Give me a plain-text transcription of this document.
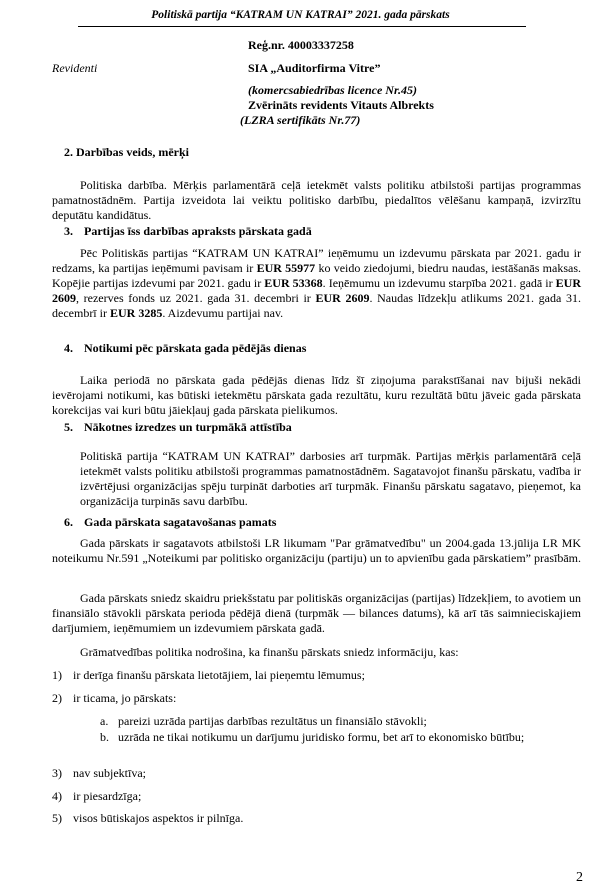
Politiskā partija “KATRAM UN KATRAI” 2021. gada pārskats
Reģ.nr. 40003337258
Revidenti	SIA „Auditorfirma Vitre”
(komercsabiedrības licence Nr.45)
Zvērināts revidents Vitauts Albrekts
(LZRA sertifikāts Nr.77)
2. Darbības veids, mērķi
Politiska darbība. Mērķis parlamentārā ceļā ietekmēt valsts politiku atbilstoši partijas programmas pamatnostādnēm. Partija izveidota lai veiktu politisko darbību, piedalītos vēlēšanu kampaņā, izvirzītu deputātu kandidātus.
3. Partijas īss darbības apraksts pārskata gadā
Pēc Politiskās partijas “KATRAM UN KATRAI” ieņēmumu un izdevumu pārskata par 2021. gadu ir redzams, ka partijas ieņēmumi pavisam ir EUR 55977 ko veido ziedojumi, biedru naudas, iestāšanās maksas. Kopējie partijas izdevumi par 2021. gadu ir EUR 53368. Ieņēmumu un izdevumu starpība 2021. gadā ir EUR 2609, rezerves fonds uz 2021. gada 31. decembri ir EUR 2609. Naudas līdzekļu atlikums 2021. gada 31. decembrī ir EUR 3285. Aizdevumu partijai nav.
4. Notikumi pēc pārskata gada pēdējās dienas
Laika periodā no pārskata gada pēdējās dienas līdz šī ziņojuma parakstīšanai nav bijuši nekādi ievērojami notikumi, kas būtiski ietekmētu pārskata gada rezultātu, kuru rezultātā būtu jāveic gada pārskata korekcijas vai kuri būtu jāiekļauj gada pārskata pielikumos.
5. Nākotnes izredzes un turpmākā attīstība
Politiskā partija “KATRAM UN KATRAI” darbosies arī turpmāk. Partijas mērķis parlamentārā ceļā ietekmēt valsts politiku atbilstoši programmas pamatnostādnēm. Sagatavojot finanšu pārskatu, vadība ir izvērtējusi organizācijas spēju turpināt darboties arī turpmāk. Finanšu pārskatu sagatavo, pieņemot, ka organizācija turpinās savu darbību.
6. Gada pārskata sagatavošanas pamats
Gada pārskats ir sagatavots atbilstoši LR likumam "Par grāmatvedību" un 2004.gada 13.jūlija LR MK noteikumu Nr.591 „Noteikumi par politisko organizāciju (partiju) un to apvienību gada pārskatiem” prasībām.
Gada pārskats sniedz skaidru priekšstatu par politiskās organizācijas (partijas) līdzekļiem, to avotiem un finansiālo stāvokli pārskata perioda pēdējā dienā (turpmāk — bilances datums), kā arī tās saimnieciskajiem darījumiem, ieņēmumiem un izdevumiem pārskata gadā.
Grāmatvedības politika nodrošina, ka finanšu pārskats sniedz informāciju, kas:
1) ir derīga finanšu pārskata lietotājiem, lai pieņemtu lēmumus;
2) ir ticama, jo pārskats:
a. pareizi uzrāda partijas darbības rezultātus un finansiālo stāvokli;
b. uzrāda ne tikai notikumu un darījumu juridisko formu, bet arī to ekonomisko būtību;
3) nav subjektīva;
4) ir piesardzīga;
5) visos būtiskajos aspektos ir pilnīga.
2
